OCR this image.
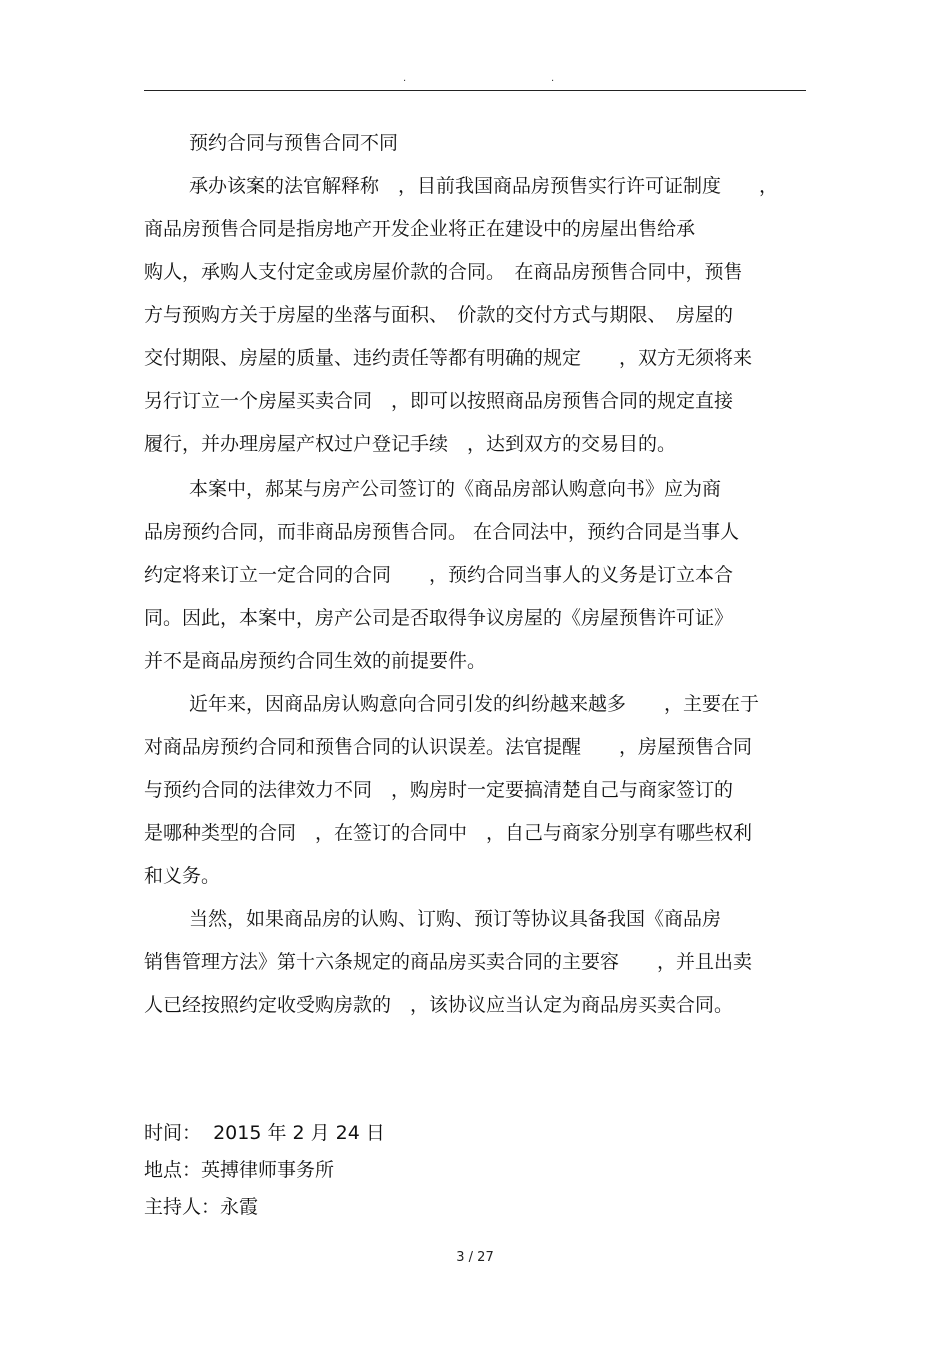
.	.
预约合同与预售合同不同
承办该案的法官解释称　，目前我国商品房预售实行许可证制度　　，
商品房预售合同是指房地产开发企业将正在建设中的房屋出售给承
购人，承购人支付定金或房屋价款的合同。　在商品房预售合同中，预售
方与预购方关于房屋的坐落与面积、　价款的交付方式与期限、　房屋的
交付期限、房屋的质量、违约责任等都有明确的规定　　，双方无须将来
另行订立一个房屋买卖合同　，即可以按照商品房预售合同的规定直接
履行，并办理房屋产权过户登记手续　，达到双方的交易目的。
本案中，郝某与房产公司签订的《商品房部认购意向书》应为商
品房预约合同，而非商品房预售合同。 在合同法中，预约合同是当事人
约定将来订立一定合同的合同　　，预约合同当事人的义务是订立本合
同。因此，本案中，房产公司是否取得争议房屋的《房屋预售许可证》
并不是商品房预约合同生效的前提要件。
近年来，因商品房认购意向合同引发的纠纷越来越多　　，主要在于
对商品房预约合同和预售合同的认识误差。法官提醒　　，房屋预售合同
与预约合同的法律效力不同　，购房时一定要搞清楚自己与商家签订的
是哪种类型的合同　，在签订的合同中　，自己与商家分别享有哪些权利
和义务。
当然，如果商品房的认购、订购、预订等协议具备我国《商品房
销售管理方法》第十六条规定的商品房买卖合同的主要容　　，并且出卖
人已经按照约定收受购房款的　，该协议应当认定为商品房买卖合同。
时间：  2015 年 2 月 24 日
地点：英搏律师事务所
主持人：永霞
3 / 27
